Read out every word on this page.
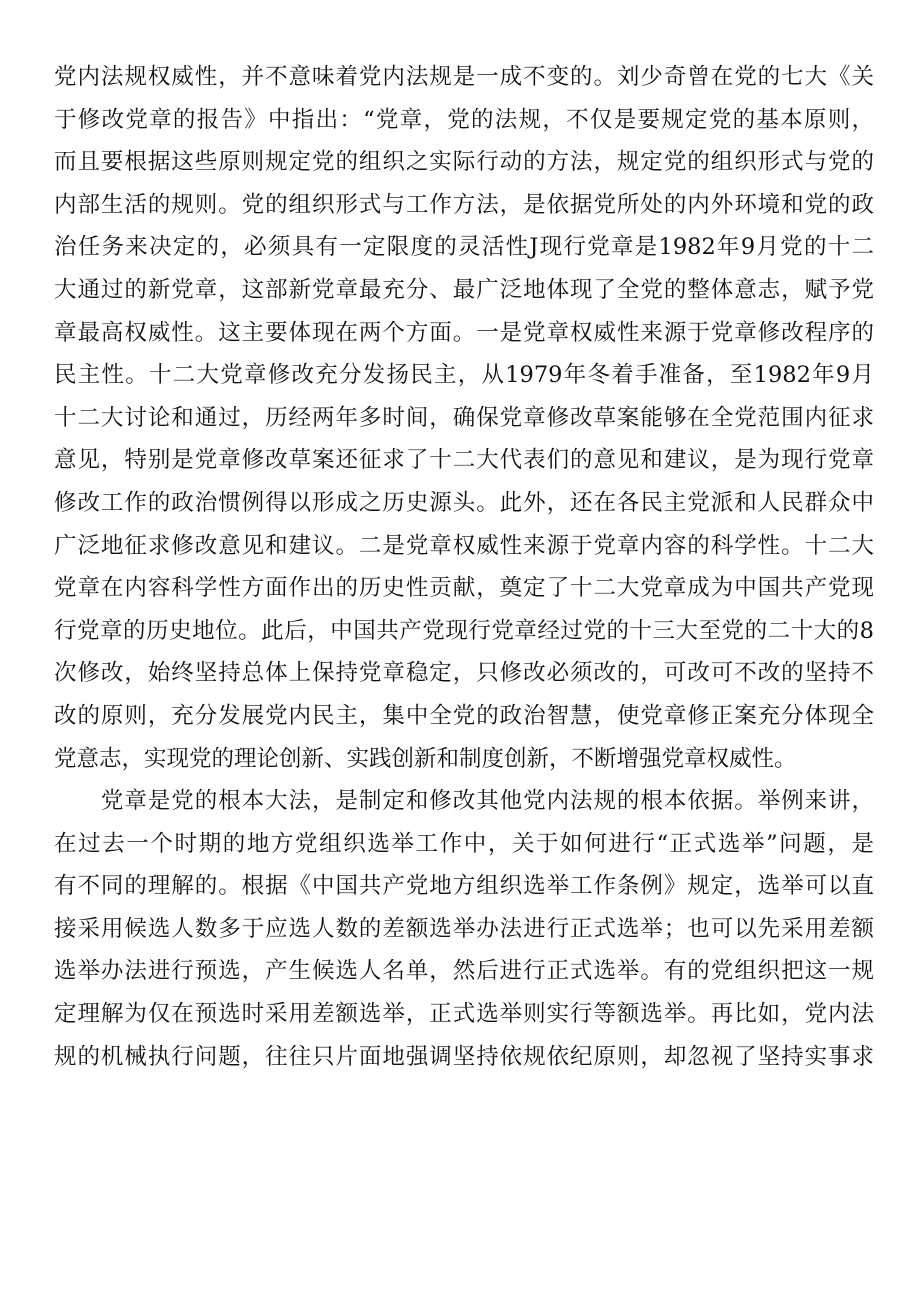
党内法规权威性，并不意味着党内法规是一成不变的。刘少奇曾在党的七大《关
于修改党章的报告》中指出：“党章，党的法规，不仅是要规定党的基本原则，
而且要根据这些原则规定党的组织之实际行动的方法，规定党的组织形式与党的
内部生活的规则。党的组织形式与工作方法，是依据党所处的内外环境和党的政
治任务来决定的，必须具有一定限度的灵活性J现行党章是1982年9月党的十二
大通过的新党章，这部新党章最充分、最广泛地体现了全党的整体意志，赋予党
章最高权威性。这主要体现在两个方面。一是党章权威性来源于党章修改程序的
民主性。十二大党章修改充分发扬民主，从1979年冬着手准备，至1982年9月
十二大讨论和通过，历经两年多时间，确保党章修改草案能够在全党范围内征求
意见，特别是党章修改草案还征求了十二大代表们的意见和建议，是为现行党章
修改工作的政治惯例得以形成之历史源头。此外，还在各民主党派和人民群众中
广泛地征求修改意见和建议。二是党章权威性来源于党章内容的科学性。十二大
党章在内容科学性方面作出的历史性贡献，奠定了十二大党章成为中国共产党现
行党章的历史地位。此后，中国共产党现行党章经过党的十三大至党的二十大的8
次修改，始终坚持总体上保持党章稳定，只修改必须改的，可改可不改的坚持不
改的原则，充分发展党内民主，集中全党的政治智慧，使党章修正案充分体现全
党意志，实现党的理论创新、实践创新和制度创新，不断增强党章权威性。
　　党章是党的根本大法，是制定和修改其他党内法规的根本依据。举例来讲，
在过去一个时期的地方党组织选举工作中，关于如何进行“正式选举”问题，是
有不同的理解的。根据《中国共产党地方组织选举工作条例》规定，选举可以直
接采用候选人数多于应选人数的差额选举办法进行正式选举；也可以先采用差额
选举办法进行预选，产生候选人名单，然后进行正式选举。有的党组织把这一规
定理解为仅在预选时采用差额选举，正式选举则实行等额选举。再比如，党内法
规的机械执行问题，往往只片面地强调坚持依规依纪原则，却忽视了坚持实事求
